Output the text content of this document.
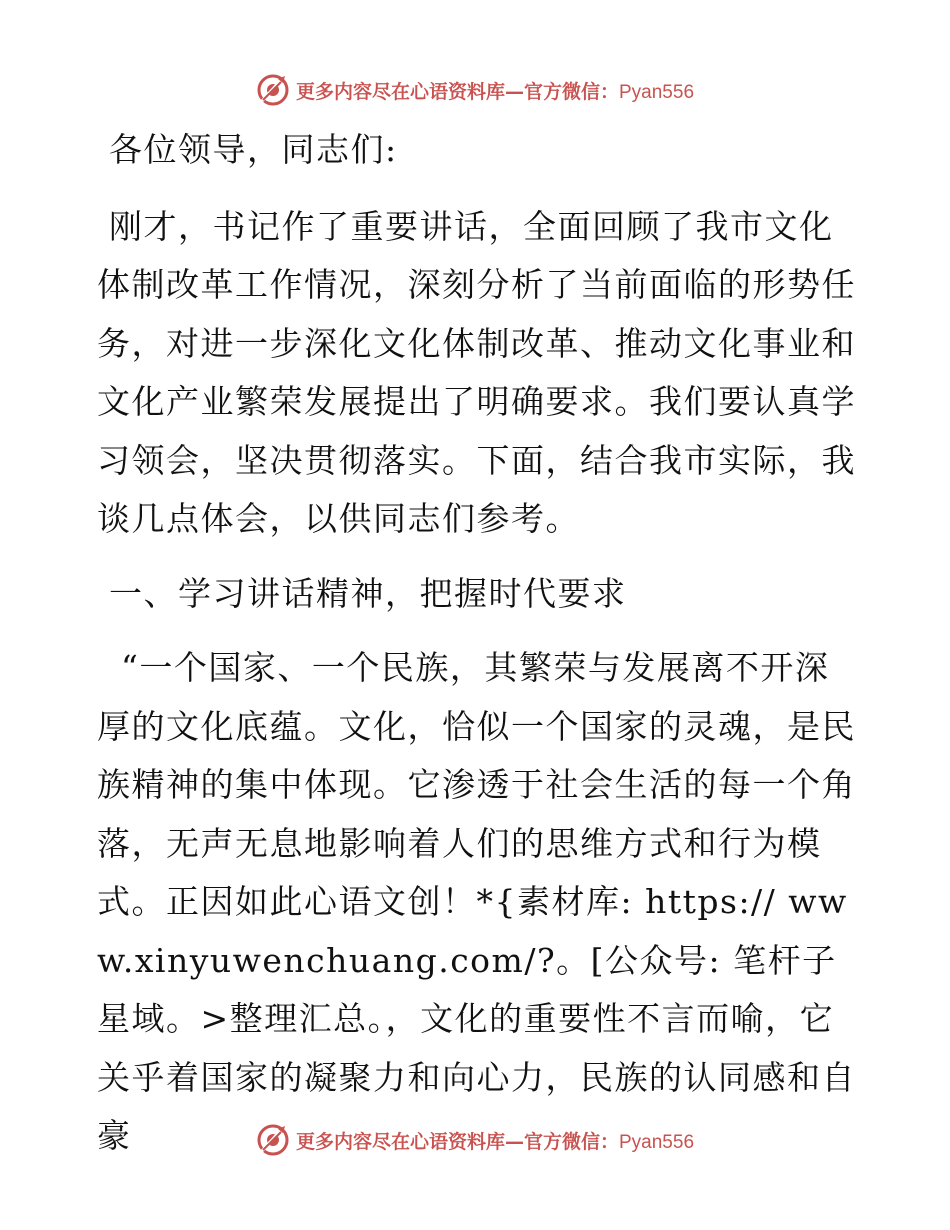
更多内容尽在心语资料库—官方微信：Pyan556

各位领导，同志们:

刚才，书记作了重要讲话，全面回顾了我市文化体制改革工作情况，深刻分析了当前面临的形势任务，对进一步深化文化体制改革、推动文化事业和文化产业繁荣发展提出了明确要求。我们要认真学习领会，坚决贯彻落实。下面，结合我市实际，我谈几点体会，以供同志们参考。

一、学习讲话精神，把握时代要求

“一个国家、一个民族，其繁荣与发展离不开深厚的文化底蕴。文化，恰似一个国家的灵魂，是民族精神的集中体现。它渗透于社会生活的每一个角落，无声无息地影响着人们的思维方式和行为模式。正因如此心语文创！*{素材库: https:// www.xinyuwenchuang.com/?。[公众号: 笔杆子星域。>整理汇总。，文化的重要性不言而喻，它关乎着国家的凝聚力和向心力，民族的认同感和自豪	更多内容尽在心语资料库—官方微信：Pyan556
